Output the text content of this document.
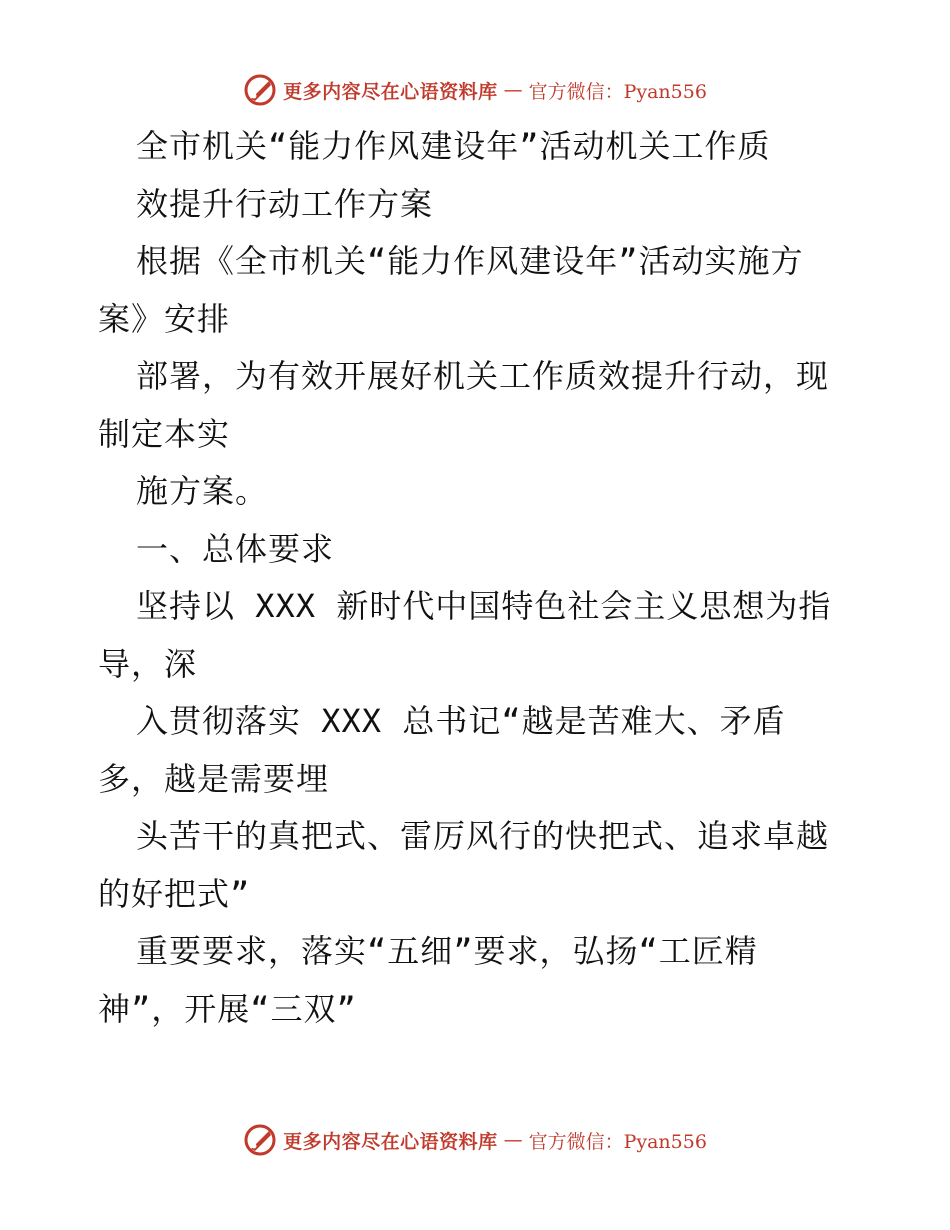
更多内容尽在心语资料库 — 官方微信：Pyan556
全市机关“能力作风建设年”活动机关工作质
效提升行动工作方案
根据《全市机关“能力作风建设年”活动实施方
案》安排
部署，为有效开展好机关工作质效提升行动，现
制定本实
施方案。
一、总体要求
坚持以 XXX 新时代中国特色社会主义思想为指
导，深
入贯彻落实 XXX 总书记“越是苦难大、矛盾
多，越是需要埋
头苦干的真把式、雷厉风行的快把式、追求卓越
的好把式”
重要要求，落实“五细”要求，弘扬“工匠精
神”，开展“三双”
更多内容尽在心语资料库 — 官方微信：Pyan556
